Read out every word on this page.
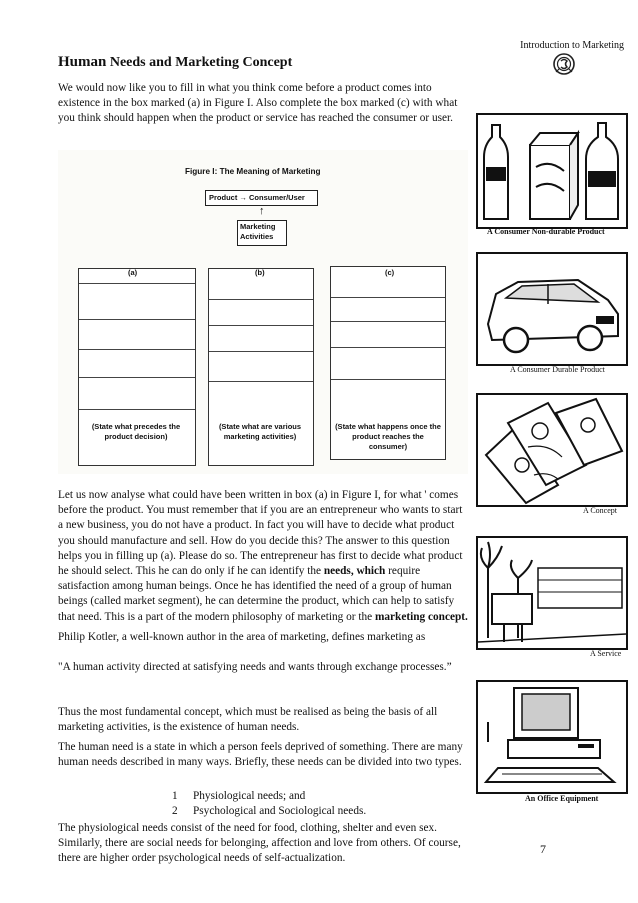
Introduction to Marketing
Human Needs and Marketing Concept
We would now like you to fill in what you think come before a product comes into existence in the box marked (a) in Figure I. Also complete the box marked (c) with what you think should happen when the product or service has reached the consumer or user.
Figure I: The Meaning of Marketing
Product → Consumer/User
↑
Marketing
Activities
(a)
(State what precedes the
product decision)
(b)
(State what are various
marketing activities)
(c)
(State what happens once the
product reaches the consumer)
Let us now analyse what could have been written in box (a) in Figure I, for what ' comes before the product. You must remember that if you are an entrepreneur who wants to start a new business, you do not have a product. In fact you will have to decide what product you should manufacture and sell. How do you decide this? The answer to this question helps you in filling up (a). Please do so. The entrepreneur has first to decide what product he should select. This he can do only if he can identify the needs, which require satisfaction among human beings. Once he has identified the need of a group of human beings (called market segment), he can determine the product, which can help to satisfy that need. This is a part of the modern philosophy of marketing or the marketing concept.
Philip Kotler, a well-known author in the area of marketing, defines marketing as
"A human activity directed at satisfying needs and wants through exchange processes.”
Thus the most fundamental concept, which must be realised as being the basis of all marketing activities, is the existence of human needs.
The human need is a state in which a person feels deprived of something. There are many human needs described in many ways. Briefly, these needs can be divided into two types.
1 Physiological needs; and
2 Psychological and Sociological needs.
The physiological needs consist of the need for food, clothing, shelter and even sex. Similarly, there are social needs for belonging, affection and love from others. Of course, there are higher order psychological needs of self-actualization.
7
A Consumer Non-durable Product
A Consumer Durable Product
A Concept
A Service
An Office Equipment
